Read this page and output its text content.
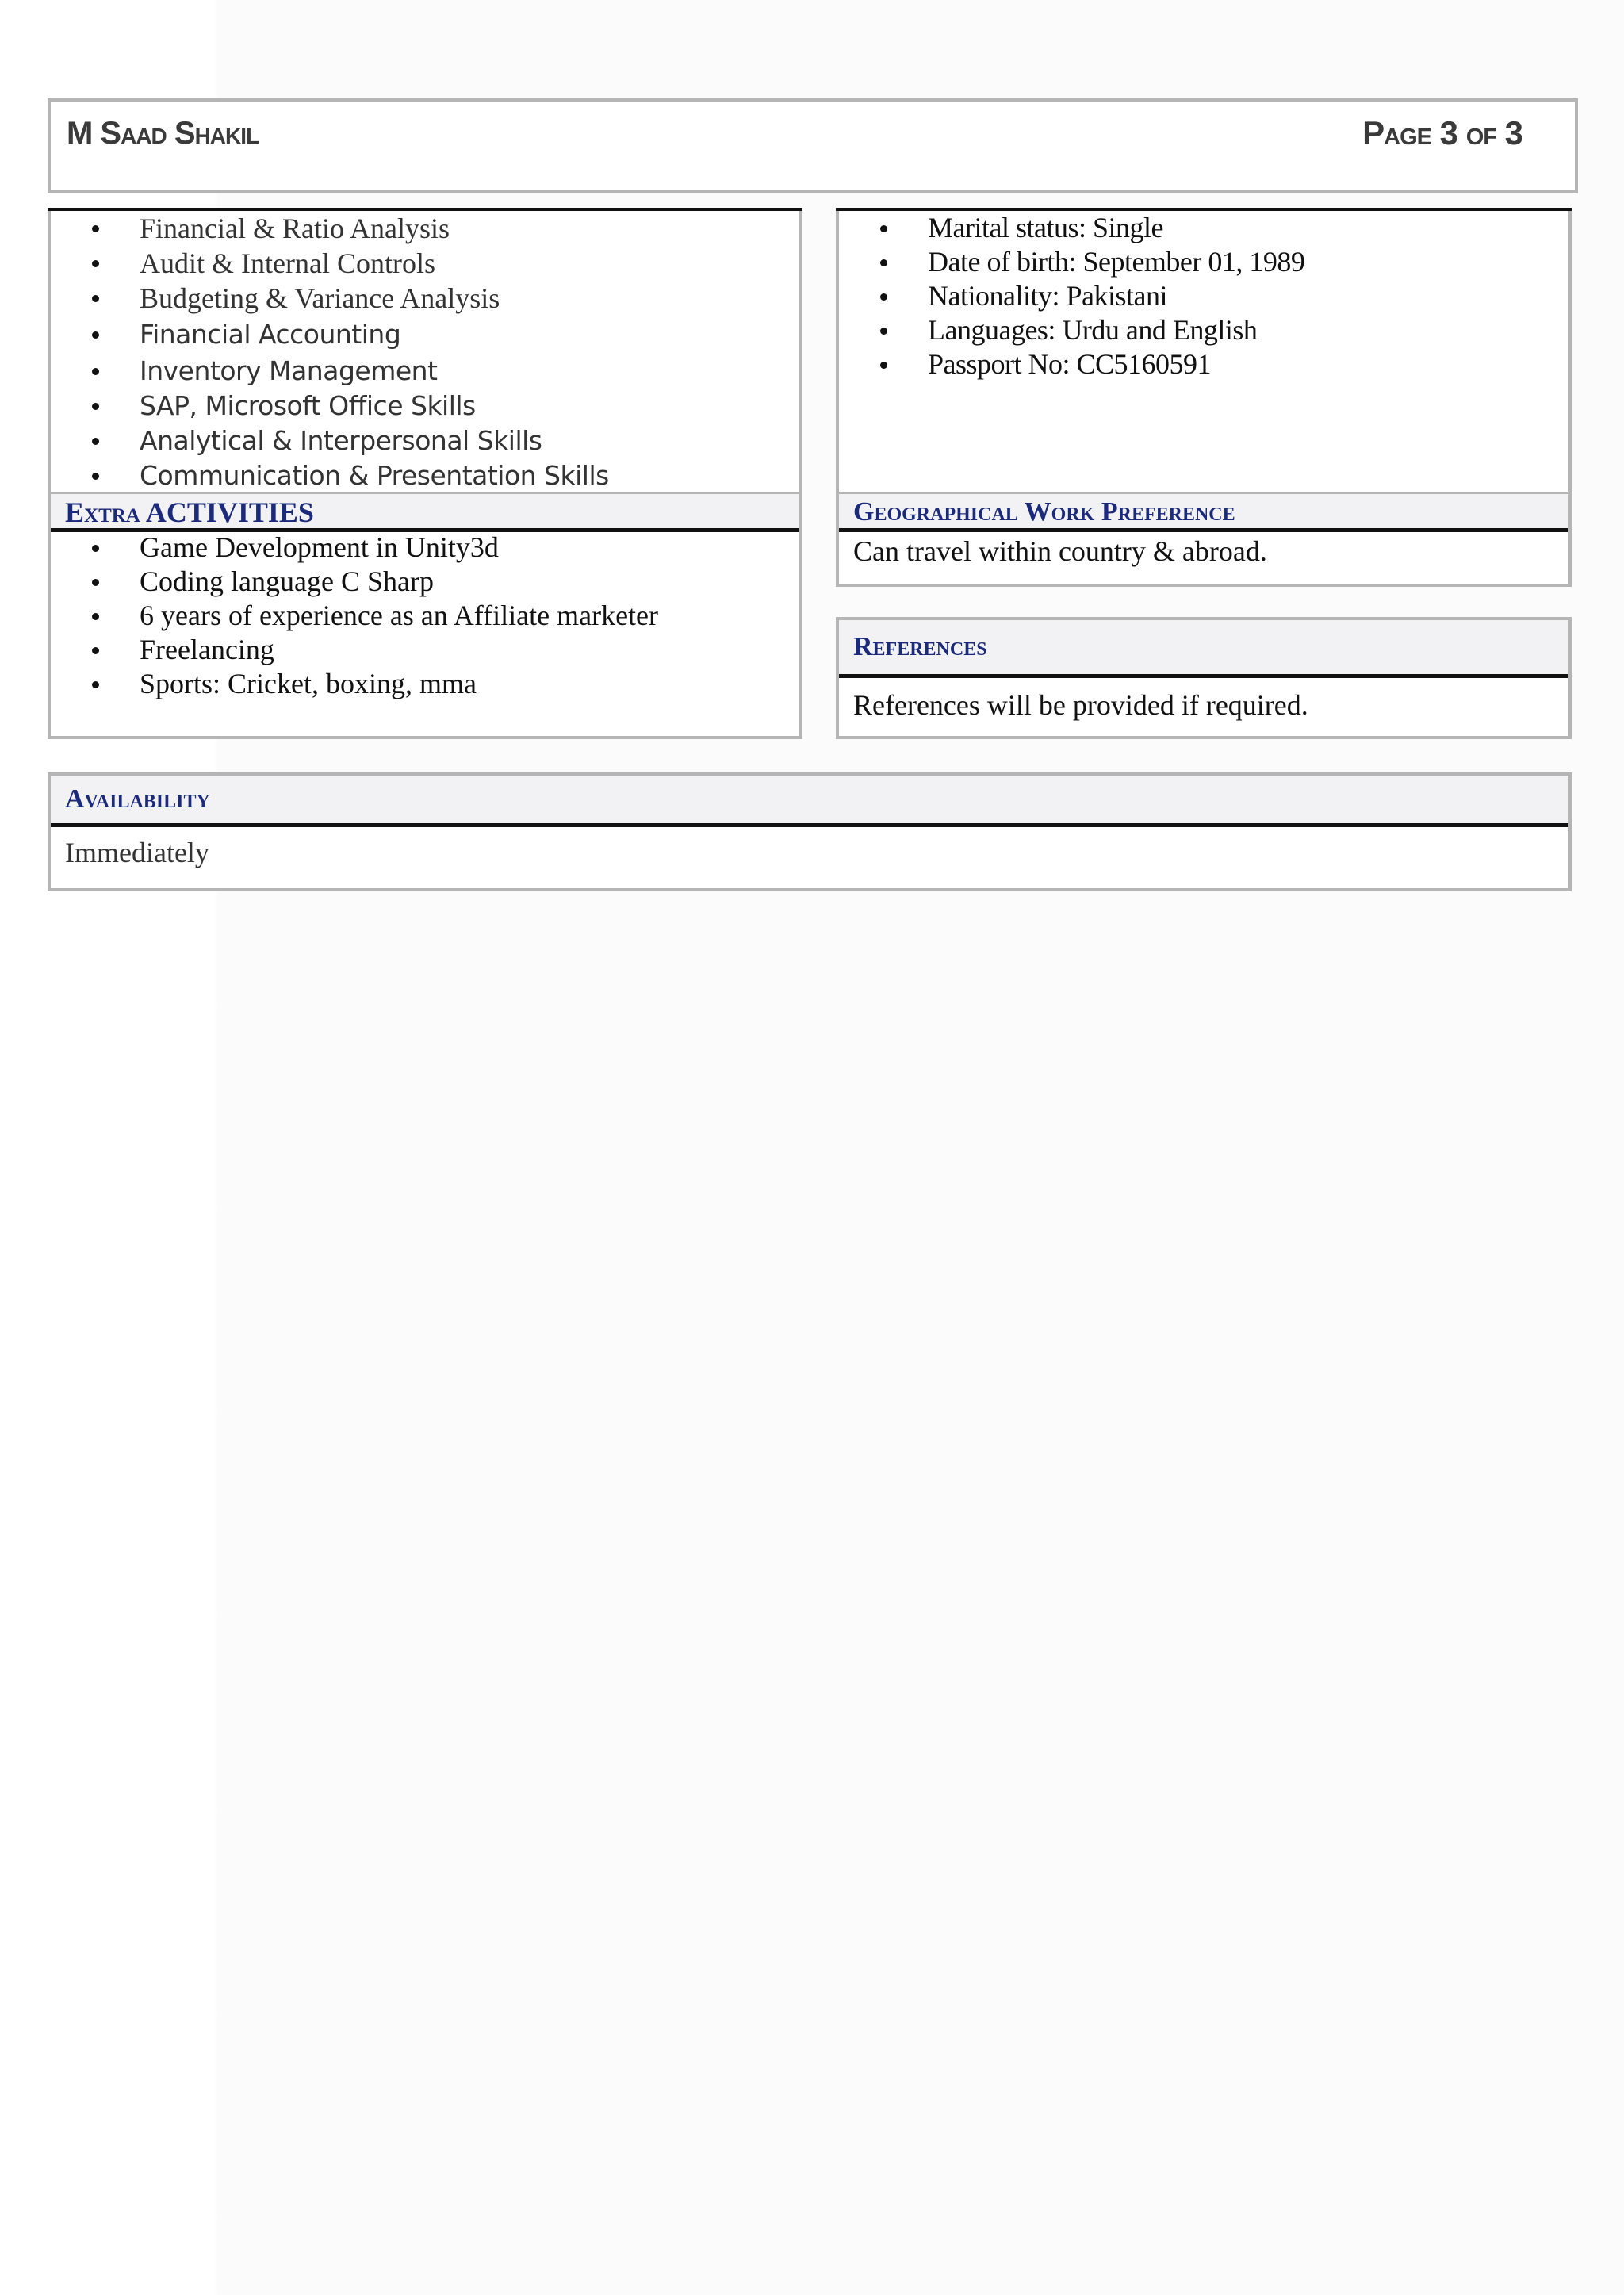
M Saad Shakil	Page 3 of 3
Financial & Ratio Analysis
Audit & Internal Controls
Budgeting & Variance Analysis
Financial Accounting
Inventory Management
SAP, Microsoft Office Skills
Analytical & Interpersonal Skills
Communication & Presentation Skills
Extra ACTIVITIES
Game Development in Unity3d
Coding language C Sharp
6 years of experience as an Affiliate marketer
Freelancing
Sports: Cricket, boxing, mma
Marital status: Single
Date of birth: September 01, 1989
Nationality: Pakistani
Languages: Urdu and English
Passport No: CC5160591
Geographical Work Preference
Can travel within country & abroad.
References
References will be provided if required.
Availability
Immediately
